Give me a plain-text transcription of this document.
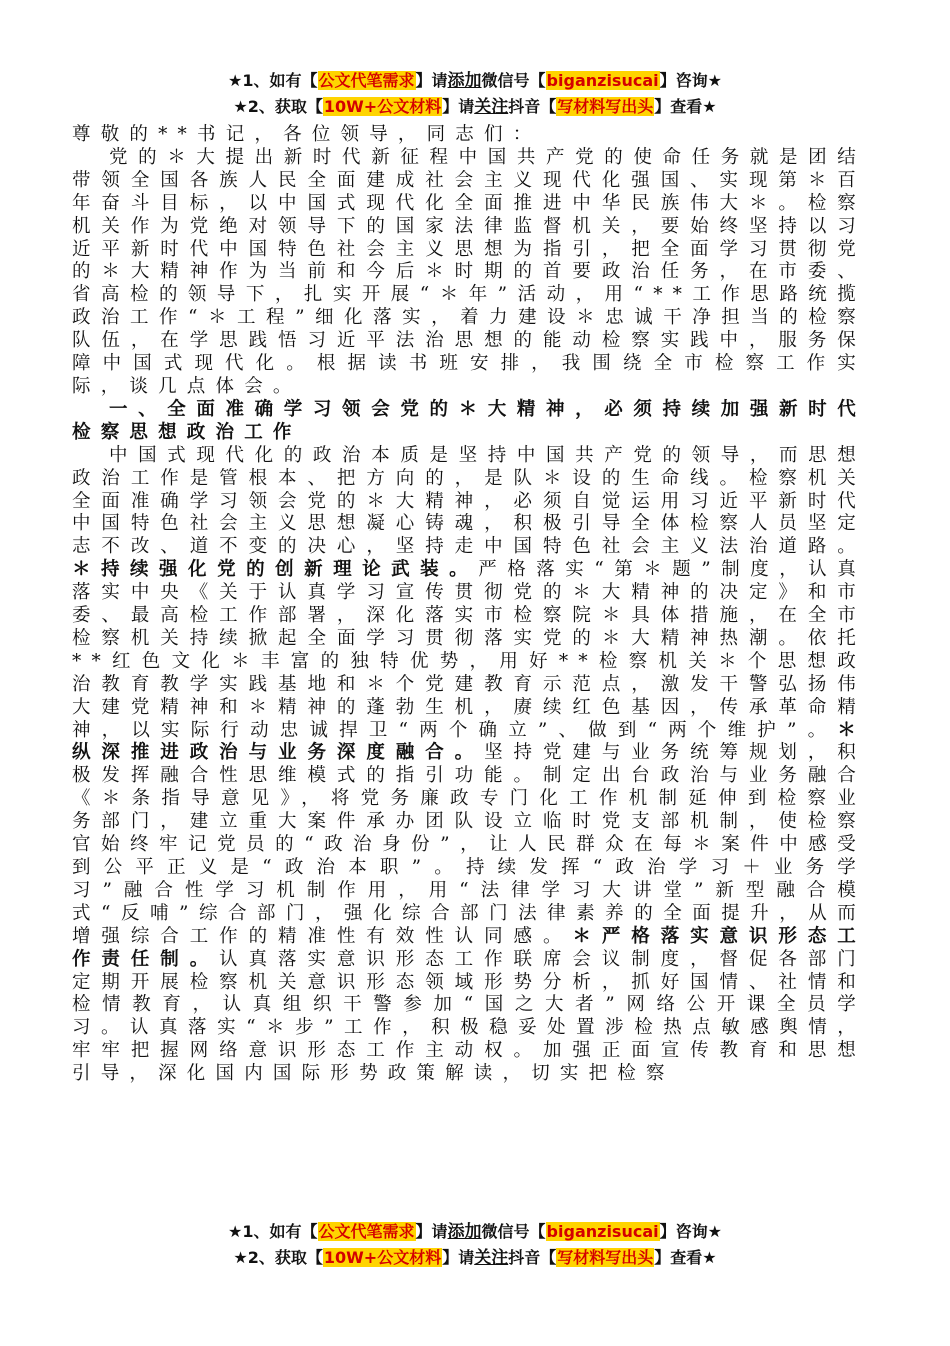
★1、如有【公文代笔需求】请添加微信号【biganzisucai】咨询★
★2、获取【10W+公文材料】请关注抖音【写材料写出头】查看★

尊敬的**书记，各位领导，同志们：

党的＊大提出新时代新征程中国共产党的使命任务就是团结带领全国各族人民全面建成社会主义现代化强国、实现第＊百年奋斗目标，以中国式现代化全面推进中华民族伟大＊。检察机关作为党绝对领导下的国家法律监督机关，要始终坚持以习近平新时代中国特色社会主义思想为指引，把全面学习贯彻党的＊大精神作为当前和今后＊时期的首要政治任务，在市委、省高检的领导下，扎实开展“＊年”活动，用“**工作思路统揽政治工作“＊工程”细化落实，着力建设＊忠诚干净担当的检察队伍，在学思践悟习近平法治思想的能动检察实践中，服务保障中国式现代化。根据读书班安排，我围绕全市检察工作实际，谈几点体会。

一、全面准确学习领会党的＊大精神，必须持续加强新时代检察思想政治工作

中国式现代化的政治本质是坚持中国共产党的领导，而思想政治工作是管根本、把方向的，是队＊设的生命线。检察机关全面准确学习领会党的＊大精神，必须自觉运用习近平新时代中国特色社会主义思想凝心铸魂，积极引导全体检察人员坚定志不改、道不变的决心，坚持走中国特色社会主义法治道路。＊持续强化党的创新理论武装。严格落实“第＊题”制度，认真落实中央《关于认真学习宣传贯彻党的＊大精神的决定》和市委、最高检工作部署，深化落实市检察院＊具体措施，在全市检察机关持续掀起全面学习贯彻落实党的＊大精神热潮。依托**红色文化＊丰富的独特优势，用好**检察机关＊个思想政治教育教学实践基地和＊个党建教育示范点，激发干警弘扬伟大建党精神和＊精神的蓬勃生机，赓续红色基因，传承革命精神，以实际行动忠诚捍卫“两个确立”、做到“两个维护”。＊纵深推进政治与业务深度融合。坚持党建与业务统筹规划，积极发挥融合性思维模式的指引功能。制定出台政治与业务融合《＊条指导意见》，将党务廉政专门化工作机制延伸到检察业务部门，建立重大案件承办团队设立临时党支部机制，使检察官始终牢记党员的“政治身份”，让人民群众在每＊案件中感受到公平正义是“政治本职”。持续发挥“政治学习＋业务学习”融合性学习机制作用，用“法律学习大讲堂”新型融合模式“反哺”综合部门，强化综合部门法律素养的全面提升，从而增强综合工作的精准性有效性认同感。＊严格落实意识形态工作责任制。认真落实意识形态工作联席会议制度，督促各部门定期开展检察机关意识形态领域形势分析，抓好国情、社情和检情教育，认真组织干警参加“国之大者”网络公开课全员学习。认真落实“＊步”工作，积极稳妥处置涉检热点敏感舆情，牢牢把握网络意识形态工作主动权。加强正面宣传教育和思想引导，深化国内国际形势政策解读，切实把检察

★1、如有【公文代笔需求】请添加微信号【biganzisucai】咨询★
★2、获取【10W+公文材料】请关注抖音【写材料写出头】查看★
